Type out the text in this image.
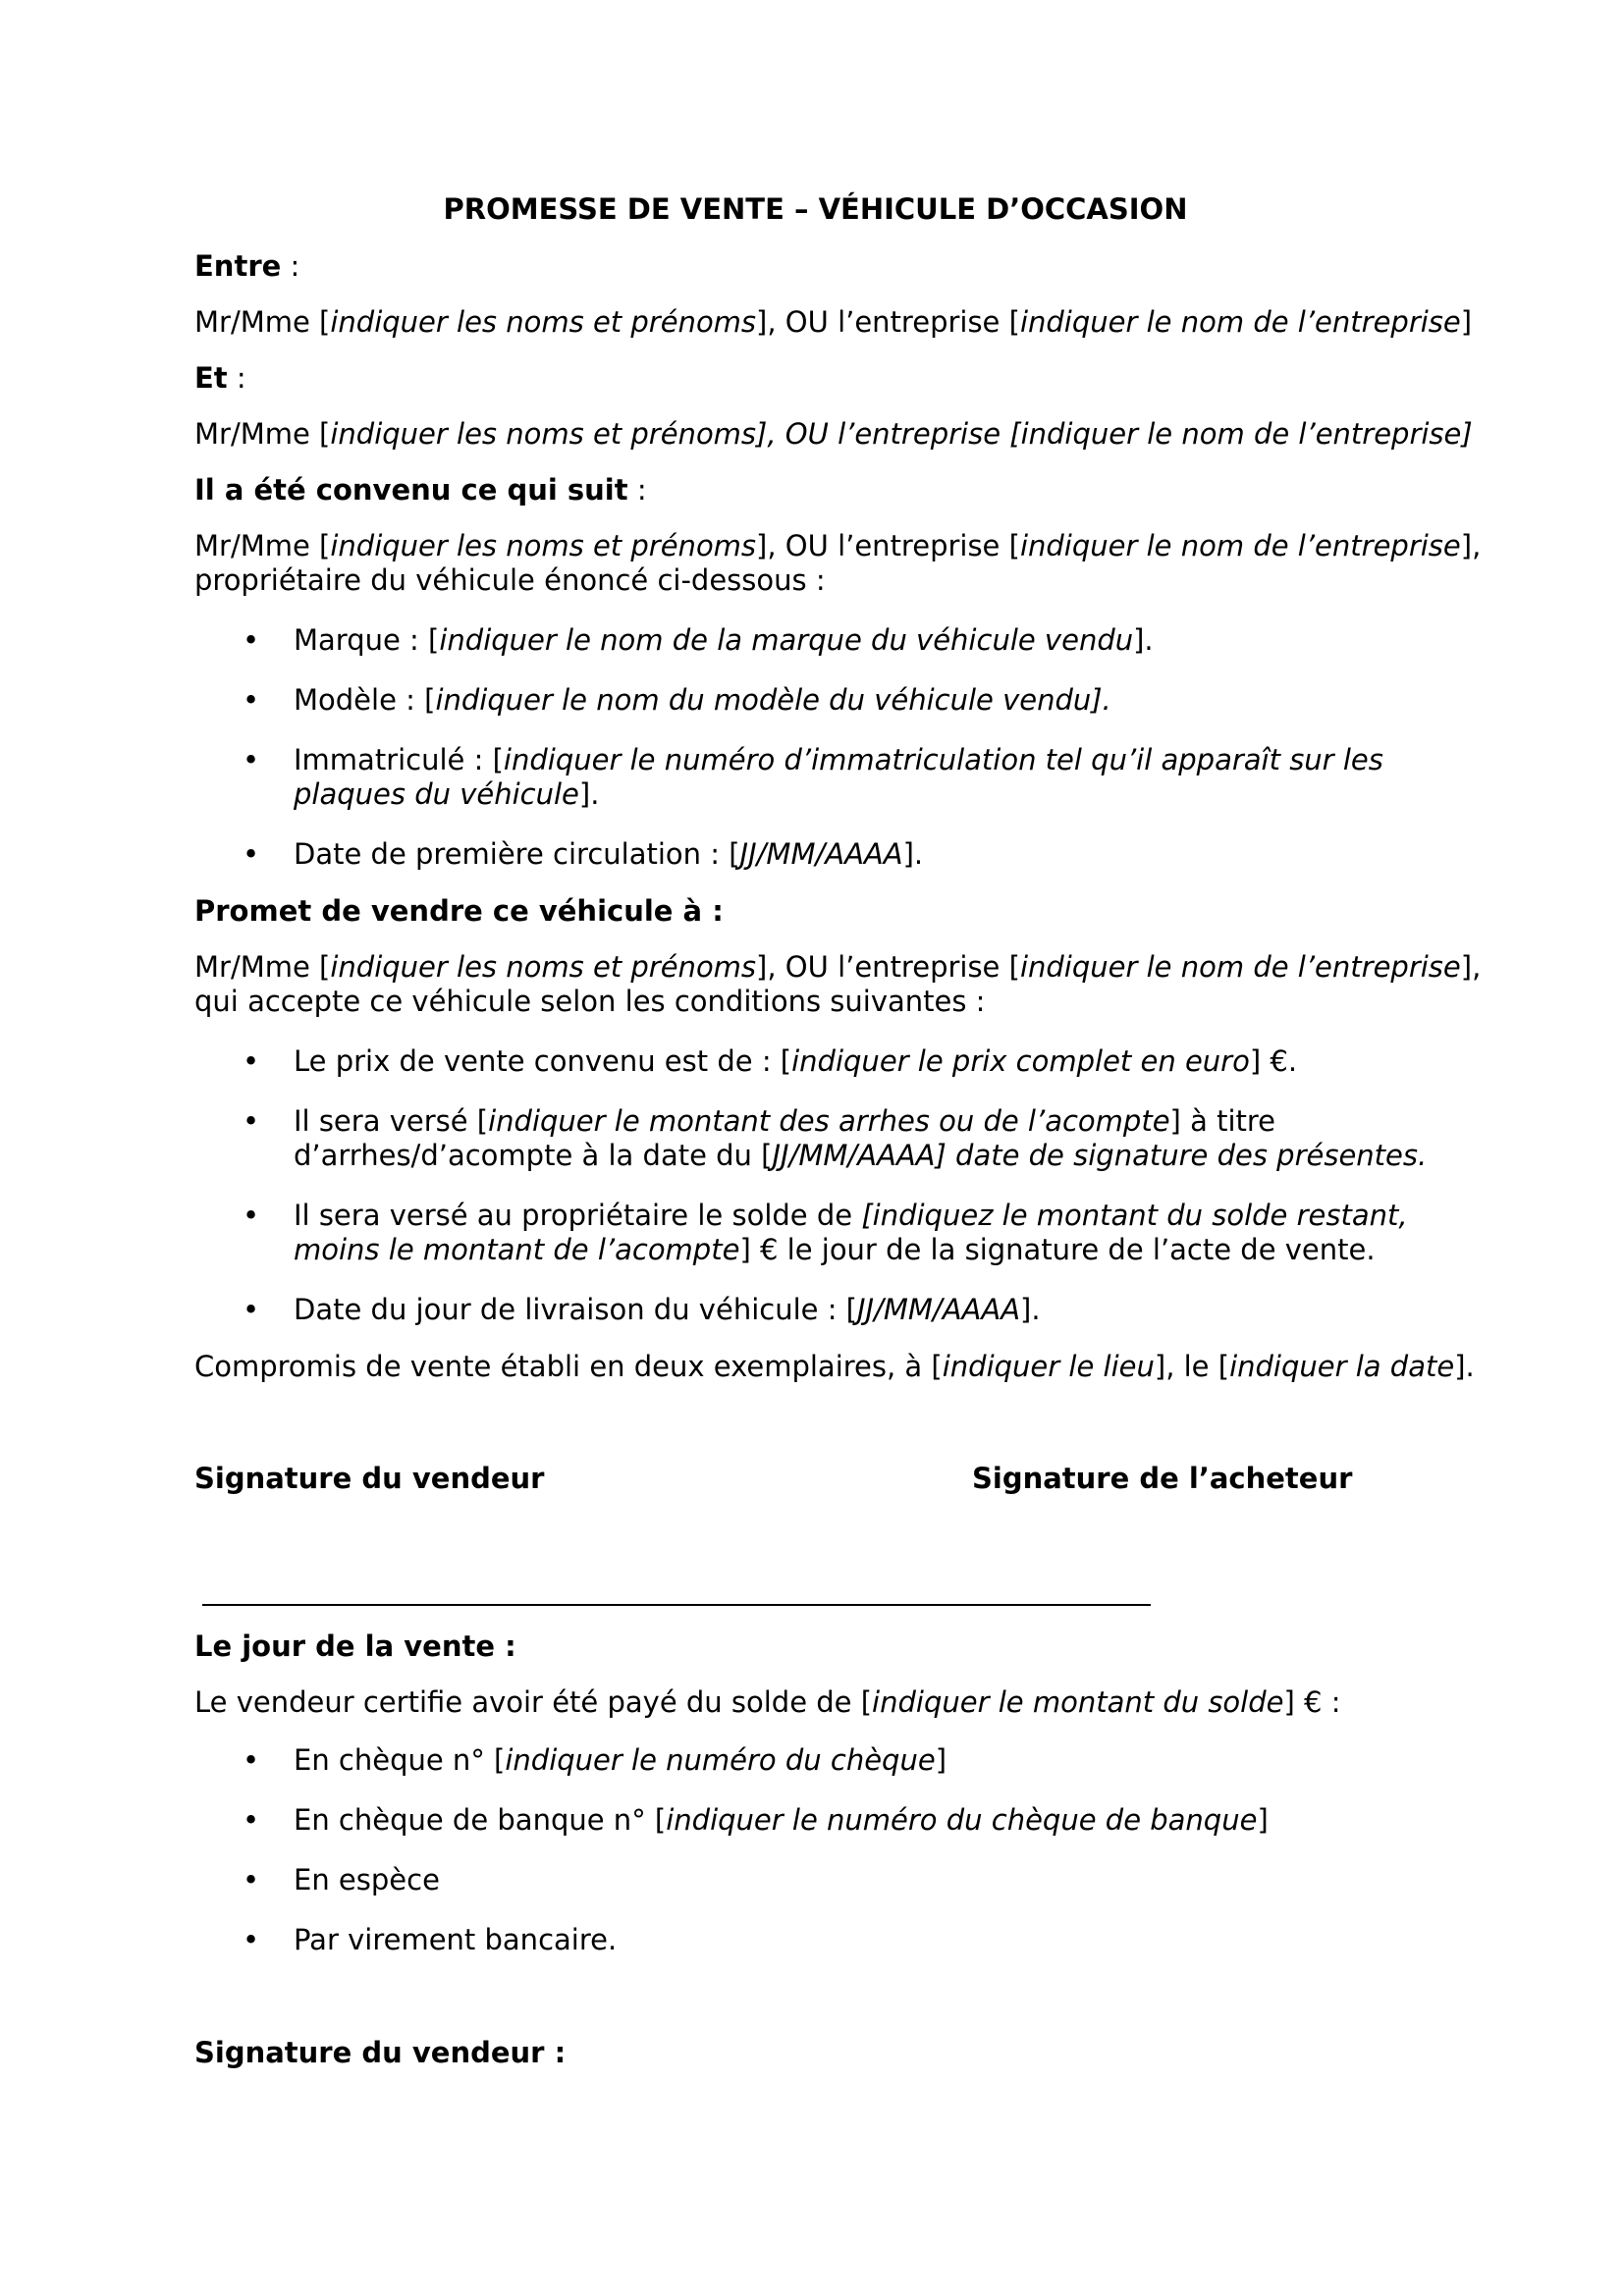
PROMESSE DE VENTE – VÉHICULE D’OCCASION
Entre :
Mr/Mme [indiquer les noms et prénoms], OU l’entreprise [indiquer le nom de l’entreprise]
Et :
Mr/Mme [indiquer les noms et prénoms], OU l’entreprise [indiquer le nom de l’entreprise]
Il a été convenu ce qui suit :
Mr/Mme [indiquer les noms et prénoms], OU l’entreprise [indiquer le nom de l’entreprise],
propriétaire du véhicule énoncé ci-dessous :
• Marque : [indiquer le nom de la marque du véhicule vendu].
• Modèle : [indiquer le nom du modèle du véhicule vendu].
• Immatriculé : [indiquer le numéro d’immatriculation tel qu’il apparaît sur les
plaques du véhicule].
• Date de première circulation : [JJ/MM/AAAA].
Promet de vendre ce véhicule à :
Mr/Mme [indiquer les noms et prénoms], OU l’entreprise [indiquer le nom de l’entreprise],
qui accepte ce véhicule selon les conditions suivantes :
• Le prix de vente convenu est de : [indiquer le prix complet en euro] €.
• Il sera versé [indiquer le montant des arrhes ou de l’acompte] à titre
d’arrhes/d’acompte à la date du [JJ/MM/AAAA] date de signature des présentes.
• Il sera versé au propriétaire le solde de [indiquez le montant du solde restant,
moins le montant de l’acompte] € le jour de la signature de l’acte de vente.
• Date du jour de livraison du véhicule : [JJ/MM/AAAA].
Compromis de vente établi en deux exemplaires, à [indiquer le lieu], le [indiquer la date].
Signature du vendeur	Signature de l’acheteur
Le jour de la vente :
Le vendeur certifie avoir été payé du solde de [indiquer le montant du solde] € :
• En chèque n° [indiquer le numéro du chèque]
• En chèque de banque n° [indiquer le numéro du chèque de banque]
• En espèce
• Par virement bancaire.
Signature du vendeur :
